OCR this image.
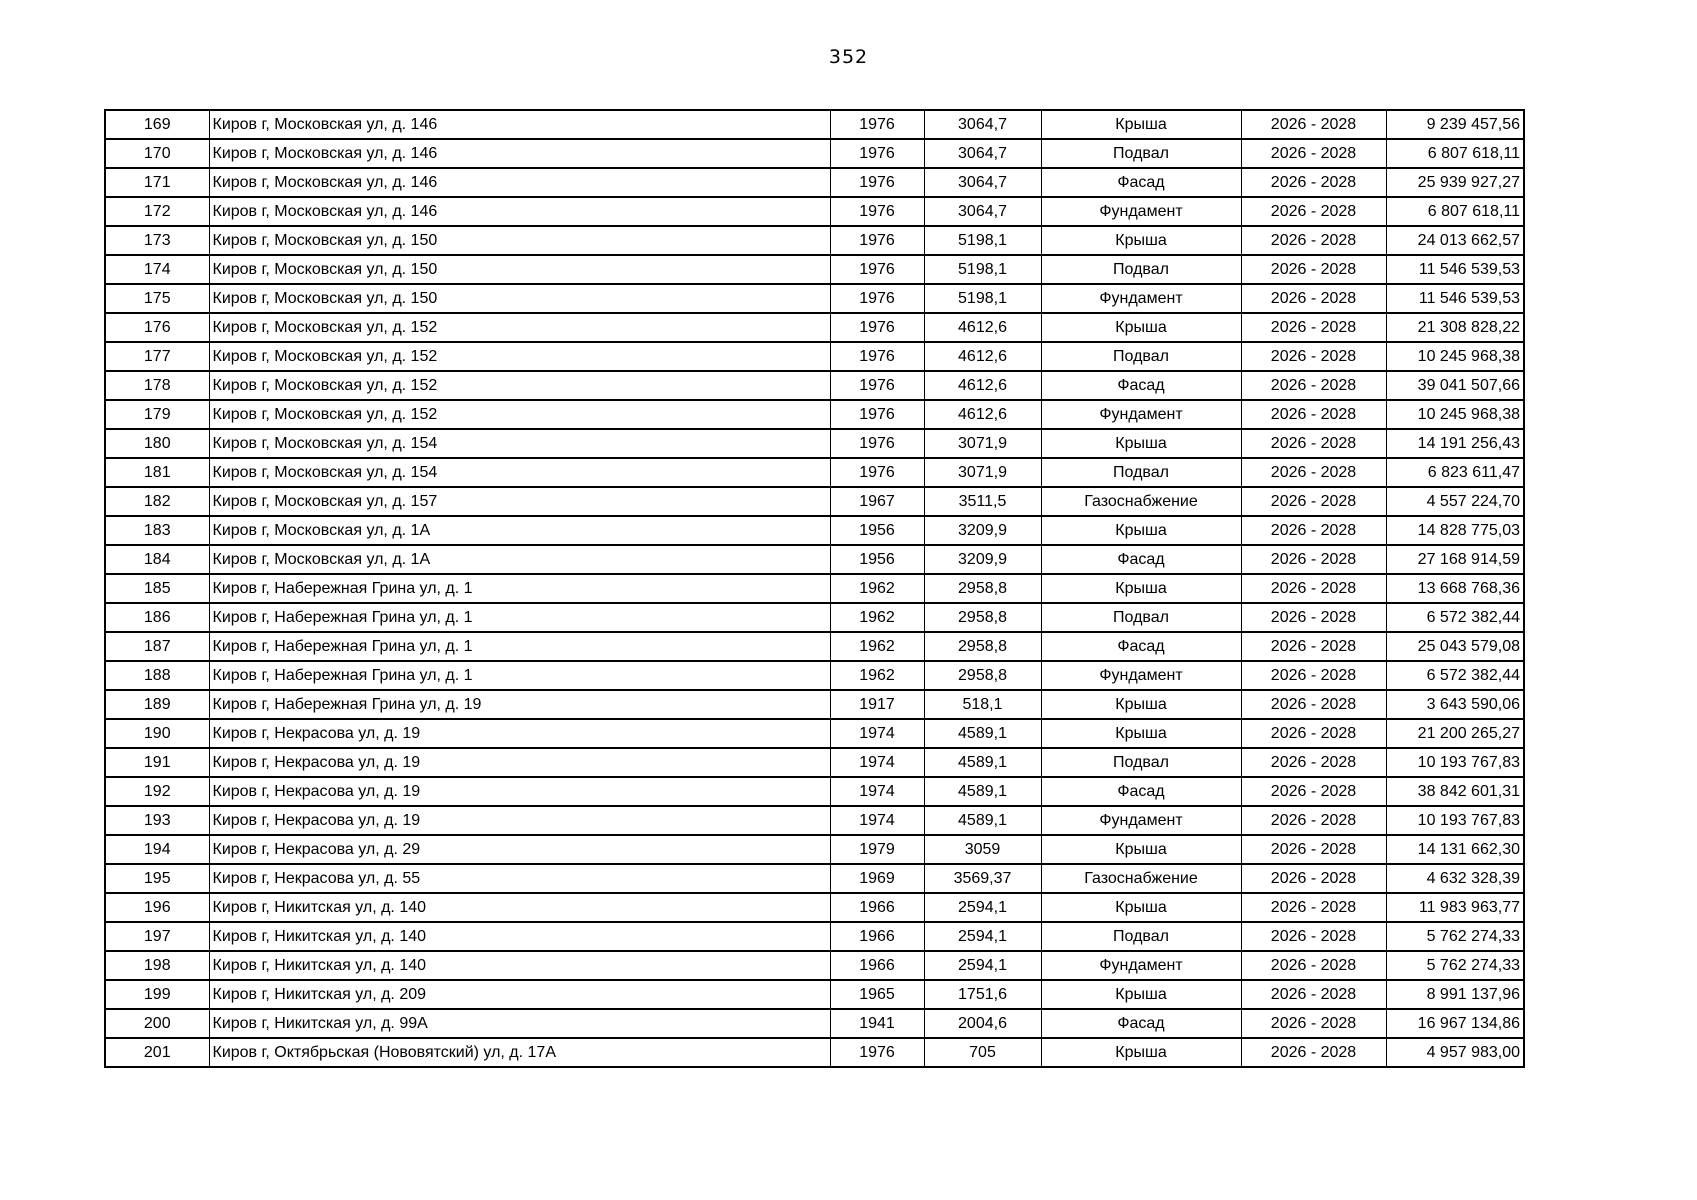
352
169	Киров г, Московская ул, д. 146	1976	3064,7	Крыша	2026 - 2028	9 239 457,56
170	Киров г, Московская ул, д. 146	1976	3064,7	Подвал	2026 - 2028	6 807 618,11
171	Киров г, Московская ул, д. 146	1976	3064,7	Фасад	2026 - 2028	25 939 927,27
172	Киров г, Московская ул, д. 146	1976	3064,7	Фундамент	2026 - 2028	6 807 618,11
173	Киров г, Московская ул, д. 150	1976	5198,1	Крыша	2026 - 2028	24 013 662,57
174	Киров г, Московская ул, д. 150	1976	5198,1	Подвал	2026 - 2028	11 546 539,53
175	Киров г, Московская ул, д. 150	1976	5198,1	Фундамент	2026 - 2028	11 546 539,53
176	Киров г, Московская ул, д. 152	1976	4612,6	Крыша	2026 - 2028	21 308 828,22
177	Киров г, Московская ул, д. 152	1976	4612,6	Подвал	2026 - 2028	10 245 968,38
178	Киров г, Московская ул, д. 152	1976	4612,6	Фасад	2026 - 2028	39 041 507,66
179	Киров г, Московская ул, д. 152	1976	4612,6	Фундамент	2026 - 2028	10 245 968,38
180	Киров г, Московская ул, д. 154	1976	3071,9	Крыша	2026 - 2028	14 191 256,43
181	Киров г, Московская ул, д. 154	1976	3071,9	Подвал	2026 - 2028	6 823 611,47
182	Киров г, Московская ул, д. 157	1967	3511,5	Газоснабжение	2026 - 2028	4 557 224,70
183	Киров г, Московская ул, д. 1А	1956	3209,9	Крыша	2026 - 2028	14 828 775,03
184	Киров г, Московская ул, д. 1А	1956	3209,9	Фасад	2026 - 2028	27 168 914,59
185	Киров г, Набережная Грина ул, д. 1	1962	2958,8	Крыша	2026 - 2028	13 668 768,36
186	Киров г, Набережная Грина ул, д. 1	1962	2958,8	Подвал	2026 - 2028	6 572 382,44
187	Киров г, Набережная Грина ул, д. 1	1962	2958,8	Фасад	2026 - 2028	25 043 579,08
188	Киров г, Набережная Грина ул, д. 1	1962	2958,8	Фундамент	2026 - 2028	6 572 382,44
189	Киров г, Набережная Грина ул, д. 19	1917	518,1	Крыша	2026 - 2028	3 643 590,06
190	Киров г, Некрасова ул, д. 19	1974	4589,1	Крыша	2026 - 2028	21 200 265,27
191	Киров г, Некрасова ул, д. 19	1974	4589,1	Подвал	2026 - 2028	10 193 767,83
192	Киров г, Некрасова ул, д. 19	1974	4589,1	Фасад	2026 - 2028	38 842 601,31
193	Киров г, Некрасова ул, д. 19	1974	4589,1	Фундамент	2026 - 2028	10 193 767,83
194	Киров г, Некрасова ул, д. 29	1979	3059	Крыша	2026 - 2028	14 131 662,30
195	Киров г, Некрасова ул, д. 55	1969	3569,37	Газоснабжение	2026 - 2028	4 632 328,39
196	Киров г, Никитская ул, д. 140	1966	2594,1	Крыша	2026 - 2028	11 983 963,77
197	Киров г, Никитская ул, д. 140	1966	2594,1	Подвал	2026 - 2028	5 762 274,33
198	Киров г, Никитская ул, д. 140	1966	2594,1	Фундамент	2026 - 2028	5 762 274,33
199	Киров г, Никитская ул, д. 209	1965	1751,6	Крыша	2026 - 2028	8 991 137,96
200	Киров г, Никитская ул, д. 99А	1941	2004,6	Фасад	2026 - 2028	16 967 134,86
201	Киров г, Октябрьская (Нововятский) ул, д. 17А	1976	705	Крыша	2026 - 2028	4 957 983,00
